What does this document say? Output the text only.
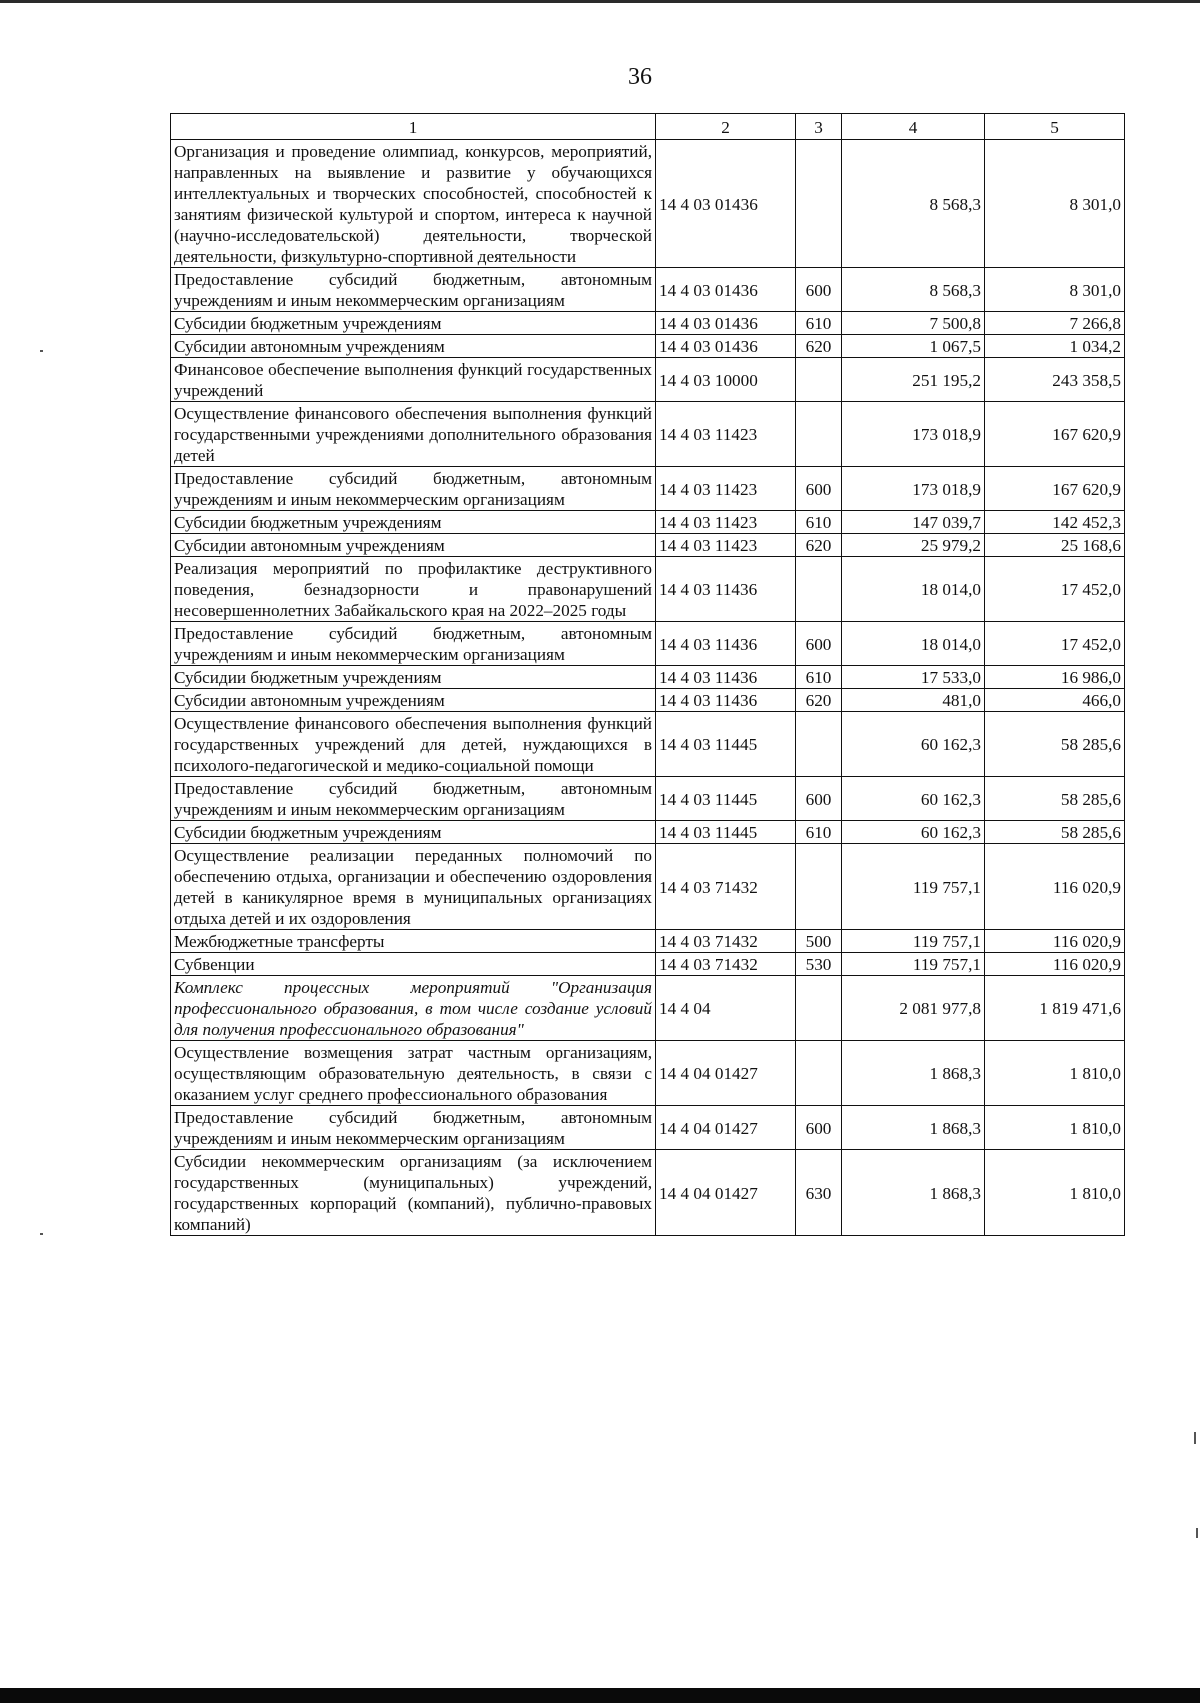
36
1	2	3	4	5
Организация и проведение олимпиад, конкурсов, мероприятий, направленных на выявление и развитие у обучающихся интеллектуальных и творческих способностей, способностей к занятиям физической культурой и спортом, интереса к научной (научно-исследовательской) деятельности, творческой деятельности, физкультурно-спортивной деятельности	14 4 03 01436		8 568,3	8 301,0
Предоставление субсидий бюджетным, автономным учреждениям и иным некоммерческим организациям	14 4 03 01436	600	8 568,3	8 301,0
Субсидии бюджетным учреждениям	14 4 03 01436	610	7 500,8	7 266,8
Субсидии автономным учреждениям	14 4 03 01436	620	1 067,5	1 034,2
Финансовое обеспечение выполнения функций государственных учреждений	14 4 03 10000		251 195,2	243 358,5
Осуществление финансового обеспечения выполнения функций государственными учреждениями дополнительного образования детей	14 4 03 11423		173 018,9	167 620,9
Предоставление субсидий бюджетным, автономным учреждениям и иным некоммерческим организациям	14 4 03 11423	600	173 018,9	167 620,9
Субсидии бюджетным учреждениям	14 4 03 11423	610	147 039,7	142 452,3
Субсидии автономным учреждениям	14 4 03 11423	620	25 979,2	25 168,6
Реализация мероприятий по профилактике деструктивного поведения, безнадзорности и правонарушений несовершеннолетних Забайкальского края на 2022–2025 годы	14 4 03 11436		18 014,0	17 452,0
Предоставление субсидий бюджетным, автономным учреждениям и иным некоммерческим организациям	14 4 03 11436	600	18 014,0	17 452,0
Субсидии бюджетным учреждениям	14 4 03 11436	610	17 533,0	16 986,0
Субсидии автономным учреждениям	14 4 03 11436	620	481,0	466,0
Осуществление финансового обеспечения выполнения функций государственных учреждений для детей, нуждающихся в психолого-педагогической и медико-социальной помощи	14 4 03 11445		60 162,3	58 285,6
Предоставление субсидий бюджетным, автономным учреждениям и иным некоммерческим организациям	14 4 03 11445	600	60 162,3	58 285,6
Субсидии бюджетным учреждениям	14 4 03 11445	610	60 162,3	58 285,6
Осуществление реализации переданных полномочий по обеспечению отдыха, организации и обеспечению оздоровления детей в каникулярное время в муниципальных организациях отдыха детей и их оздоровления	14 4 03 71432		119 757,1	116 020,9
Межбюджетные трансферты	14 4 03 71432	500	119 757,1	116 020,9
Субвенции	14 4 03 71432	530	119 757,1	116 020,9
Комплекс процессных мероприятий "Организация профессионального образования, в том числе создание условий для получения профессионального образования"	14 4 04		2 081 977,8	1 819 471,6
Осуществление возмещения затрат частным организациям, осуществляющим образовательную деятельность, в связи с оказанием услуг среднего профессионального образования	14 4 04 01427		1 868,3	1 810,0
Предоставление субсидий бюджетным, автономным учреждениям и иным некоммерческим организациям	14 4 04 01427	600	1 868,3	1 810,0
Субсидии некоммерческим организациям (за исключением государственных (муниципальных) учреждений, государственных корпораций (компаний), публично-правовых компаний)	14 4 04 01427	630	1 868,3	1 810,0
